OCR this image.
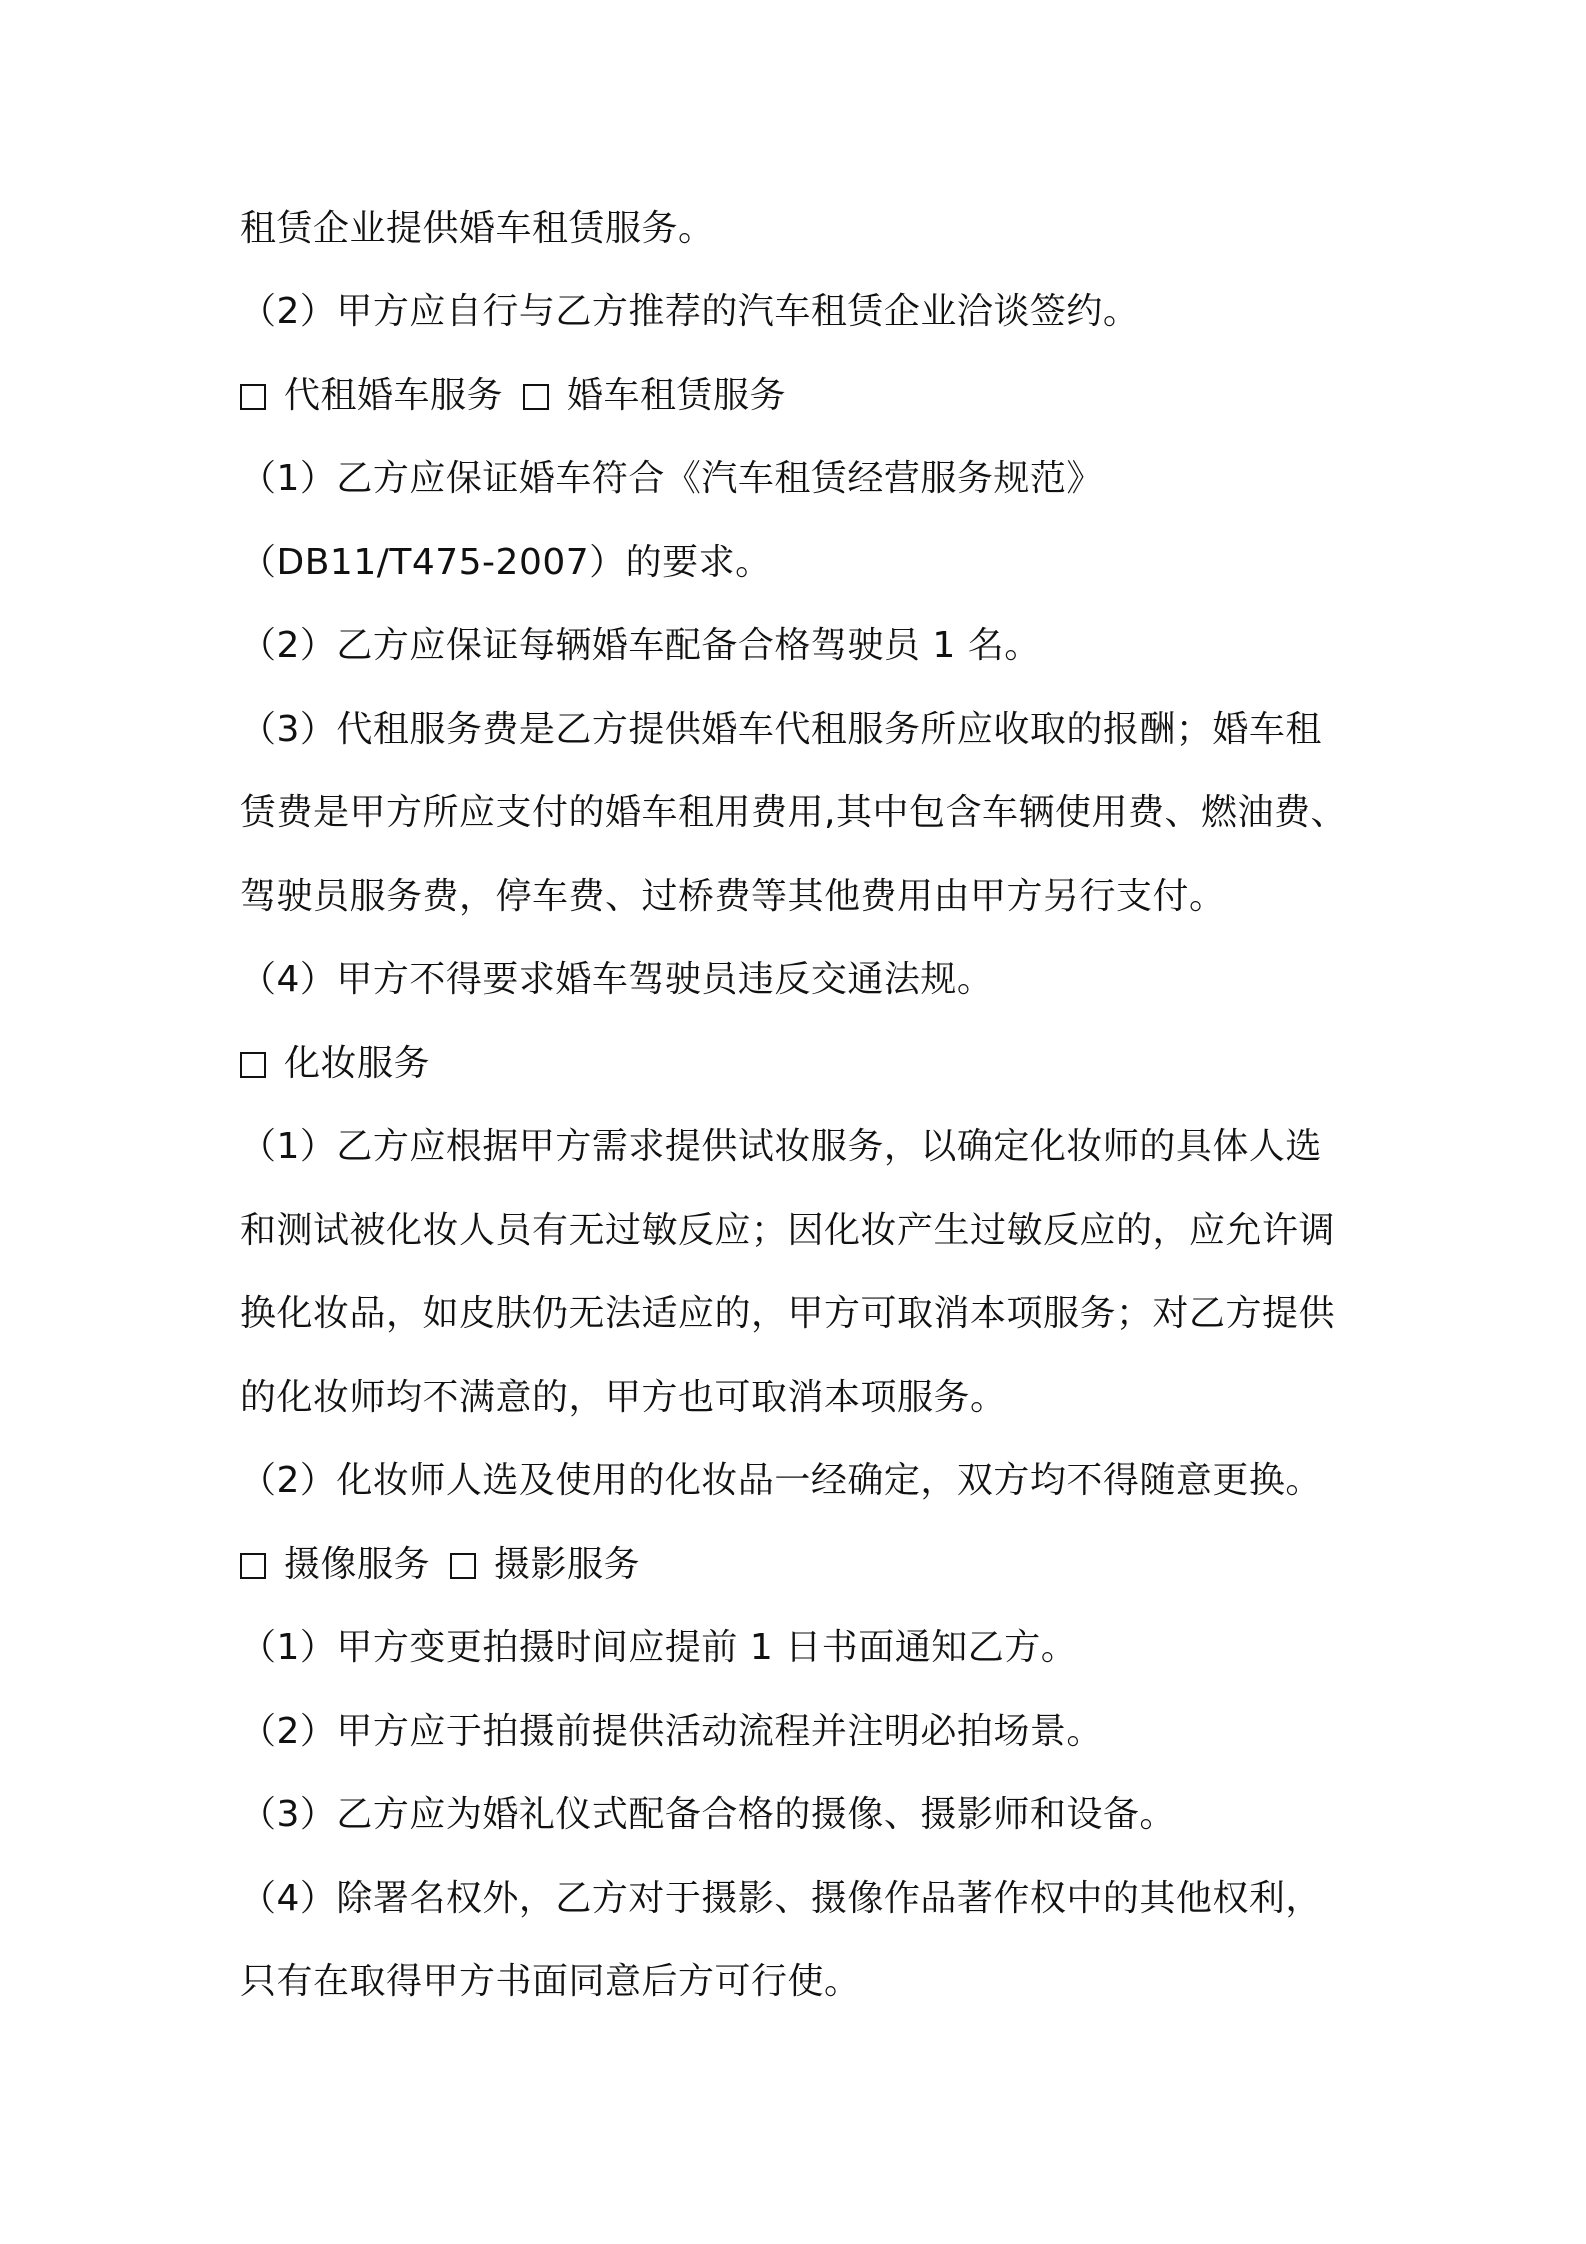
租赁企业提供婚车租赁服务。
（2）甲方应自行与乙方推荐的汽车租赁企业洽谈签约。
代租婚车服务 婚车租赁服务
（1）乙方应保证婚车符合《汽车租赁经营服务规范》
（DB11/T475-2007）的要求。
（2）乙方应保证每辆婚车配备合格驾驶员 1 名。
（3）代租服务费是乙方提供婚车代租服务所应收取的报酬；婚车租
赁费是甲方所应支付的婚车租用费用,其中包含车辆使用费、燃油费、
驾驶员服务费，停车费、过桥费等其他费用由甲方另行支付。
（4）甲方不得要求婚车驾驶员违反交通法规。
化妆服务
（1）乙方应根据甲方需求提供试妆服务，以确定化妆师的具体人选
和测试被化妆人员有无过敏反应；因化妆产生过敏反应的，应允许调
换化妆品，如皮肤仍无法适应的，甲方可取消本项服务；对乙方提供
的化妆师均不满意的，甲方也可取消本项服务。
（2）化妆师人选及使用的化妆品一经确定，双方均不得随意更换。
摄像服务 摄影服务
（1）甲方变更拍摄时间应提前 1 日书面通知乙方。
（2）甲方应于拍摄前提供活动流程并注明必拍场景。
（3）乙方应为婚礼仪式配备合格的摄像、摄影师和设备。
（4）除署名权外，乙方对于摄影、摄像作品著作权中的其他权利，
只有在取得甲方书面同意后方可行使。
